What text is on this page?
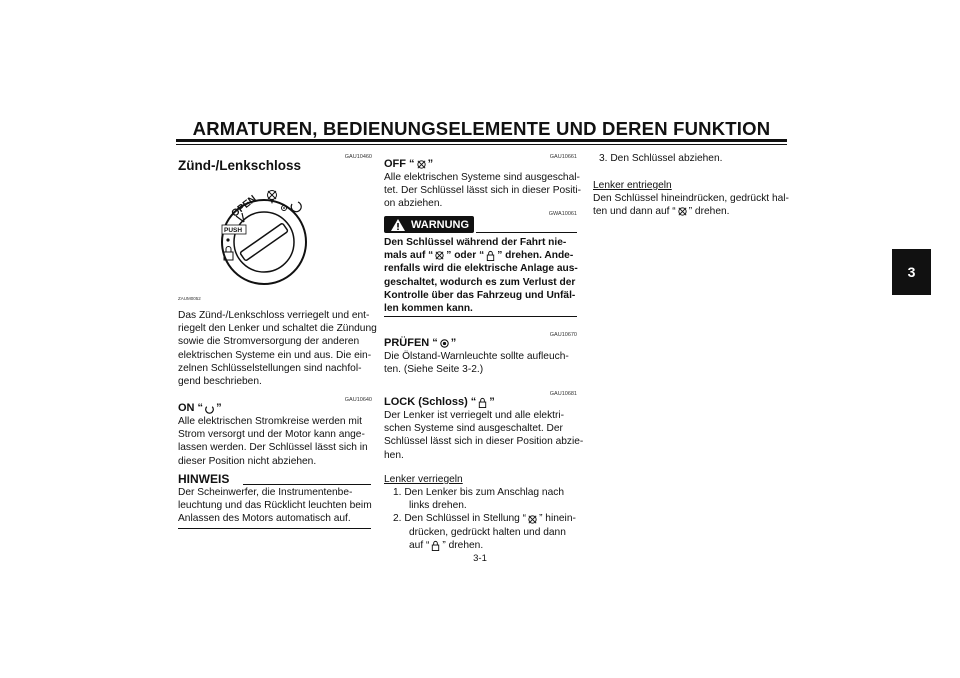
ARMATUREN, BEDIENUNGSELEMENTE UND DEREN FUNKTION
3
GAU10460
Zünd-/Lenkschloss
OPEN
PUSH
ZAUM0052
Das Zünd-/Lenkschloss verriegelt und ent-
riegelt den Lenker und schaltet die Zündung
sowie die Stromversorgung der anderen
elektrischen Systeme ein und aus. Die ein-
zelnen Schlüsselstellungen sind nachfol-
gend beschrieben.
GAU10640
ON “ ”
Alle elektrischen Stromkreise werden mit
Strom versorgt und der Motor kann ange-
lassen werden. Der Schlüssel lässt sich in
dieser Position nicht abziehen.
HINWEIS
Der Scheinwerfer, die Instrumentenbe-
leuchtung und das Rücklicht leuchten beim
Anlassen des Motors automatisch auf.
GAU10661
OFF “ ”
Alle elektrischen Systeme sind ausgeschal-
tet. Der Schlüssel lässt sich in dieser Positi-
on abziehen.
GWA10061
WARNUNG
Den Schlüssel während der Fahrt nie-
mals auf “ ” oder “ ” drehen. Ande-
renfalls wird die elektrische Anlage aus-
geschaltet, wodurch es zum Verlust der
Kontrolle über das Fahrzeug und Unfäl-
len kommen kann.
GAU10670
PRÜFEN “ ”
Die Ölstand-Warnleuchte sollte aufleuch-
ten. (Siehe Seite 3-2.)
GAU10681
LOCK (Schloss) “ ”
Der Lenker ist verriegelt und alle elektri-
schen Systeme sind ausgeschaltet. Der
Schlüssel lässt sich in dieser Position abzie-
hen.
Lenker verriegeln
1. Den Lenker bis zum Anschlag nach
links drehen.
2. Den Schlüssel in Stellung “ ” hinein-
drücken, gedrückt halten und dann
auf “ ” drehen.
3. Den Schlüssel abziehen.
Lenker entriegeln
Den Schlüssel hineindrücken, gedrückt hal-
ten und dann auf “ ” drehen.
3-1
